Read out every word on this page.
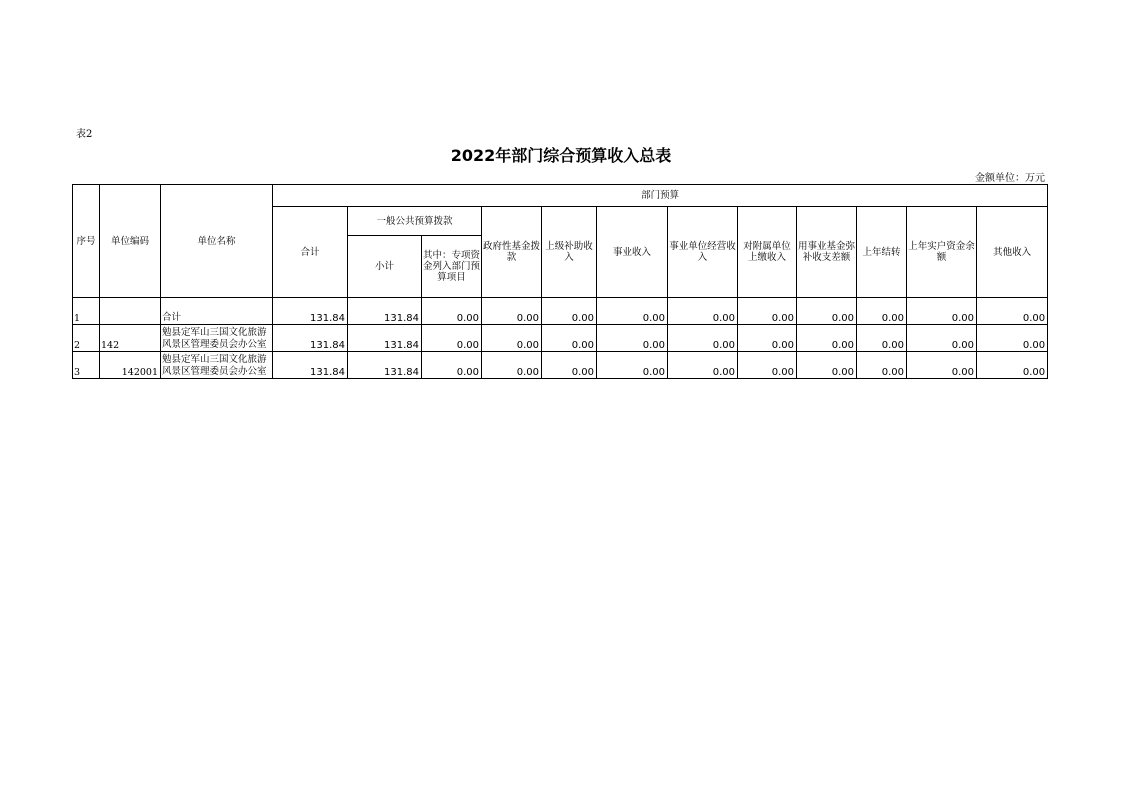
表2
2022年部门综合预算收入总表
金额单位：万元
序号	单位编码	单位名称	部门预算											
			合计	一般公共预算拨款		政府性基金拨款	上级补助收入	事业收入	事业单位经营收入	对附属单位上缴收入	用事业基金弥补收支差额	上年结转	上年实户资金余额	其他收入
				小计	其中：专项资金列入部门预算项目									
1		合计	131.84	131.84	0.00	0.00	0.00	0.00	0.00	0.00	0.00	0.00	0.00	0.00
2	142	勉县定军山三国文化旅游风景区管理委员会办公室	131.84	131.84	0.00	0.00	0.00	0.00	0.00	0.00	0.00	0.00	0.00	0.00
3	142001	勉县定军山三国文化旅游风景区管理委员会办公室	131.84	131.84	0.00	0.00	0.00	0.00	0.00	0.00	0.00	0.00	0.00	0.00
